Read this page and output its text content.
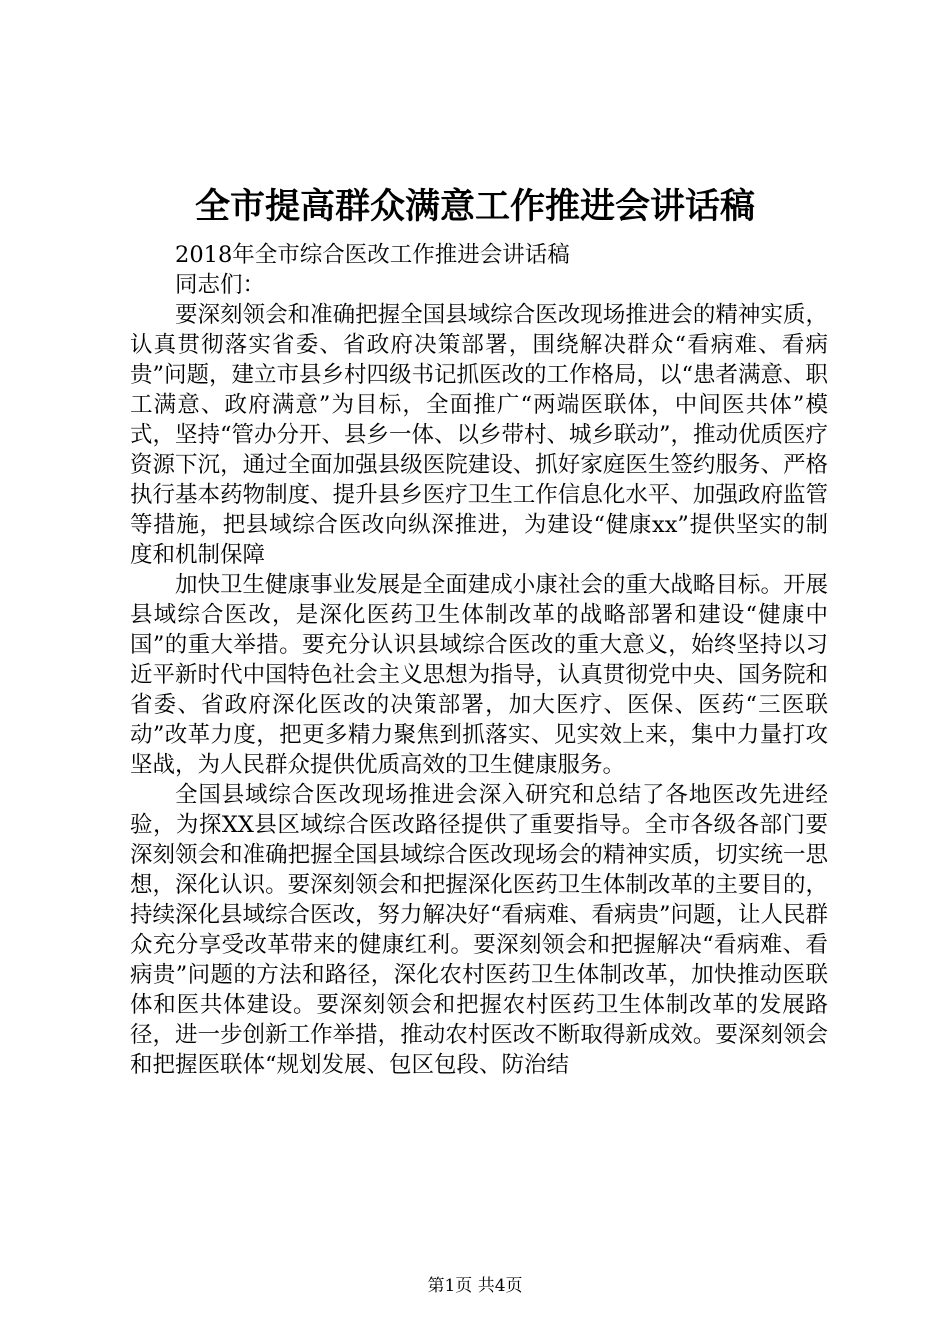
全市提高群众满意工作推进会讲话稿

2018年全市综合医改工作推进会讲话稿

同志们：

要深刻领会和准确把握全国县域综合医改现场推进会的精神实质，认真贯彻落实省委、省政府决策部署，围绕解决群众“看病难、看病贵”问题，建立市县乡村四级书记抓医改的工作格局，以“患者满意、职工满意、政府满意”为目标，全面推广“两端医联体，中间医共体”模式，坚持“管办分开、县乡一体、以乡带村、城乡联动”，推动优质医疗资源下沉，通过全面加强县级医院建设、抓好家庭医生签约服务、严格执行基本药物制度、提升县乡医疗卫生工作信息化水平、加强政府监管等措施，把县域综合医改向纵深推进，为建设“健康xx”提供坚实的制度和机制保障

加快卫生健康事业发展是全面建成小康社会的重大战略目标。开展县域综合医改，是深化医药卫生体制改革的战略部署和建设“健康中国”的重大举措。要充分认识县域综合医改的重大意义，始终坚持以习近平新时代中国特色社会主义思想为指导，认真贯彻党中央、国务院和省委、省政府深化医改的决策部署，加大医疗、医保、医药“三医联动”改革力度，把更多精力聚焦到抓落实、见实效上来，集中力量打攻坚战，为人民群众提供优质高效的卫生健康服务。

全国县域综合医改现场推进会深入研究和总结了各地医改先进经验，为探XX县区域综合医改路径提供了重要指导。全市各级各部门要深刻领会和准确把握全国县域综合医改现场会的精神实质，切实统一思想，深化认识。要深刻领会和把握深化医药卫生体制改革的主要目的，持续深化县域综合医改，努力解决好“看病难、看病贵”问题，让人民群众充分享受改革带来的健康红利。要深刻领会和把握解决“看病难、看病贵”问题的方法和路径，深化农村医药卫生体制改革，加快推动医联体和医共体建设。要深刻领会和把握农村医药卫生体制改革的发展路径，进一步创新工作举措，推动农村医改不断取得新成效。要深刻领会和把握医联体“规划发展、包区包段、防治结

第1页 共4页
